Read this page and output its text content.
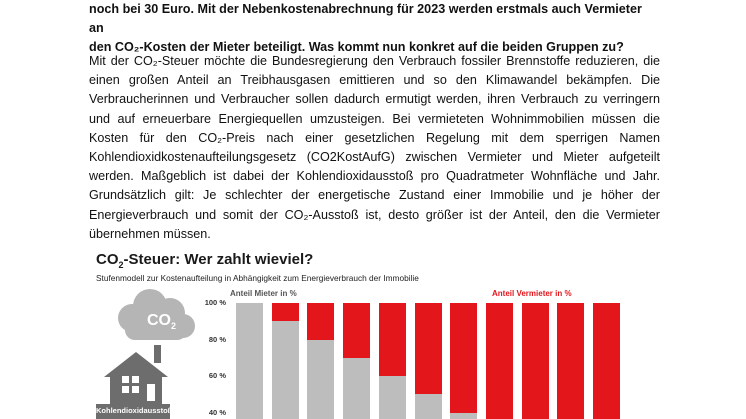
noch bei 30 Euro. Mit der Nebenkostenabrechnung für 2023 werden erstmals auch Vermieter an
den CO₂-Kosten der Mieter beteiligt. Was kommt nun konkret auf die beiden Gruppen zu?

Mit der CO₂-Steuer möchte die Bundesregierung den Verbrauch fossiler Brennstoffe reduzieren, die einen großen Anteil an Treibhausgasen emittieren und so den Klimawandel bekämpfen. Die Verbraucherinnen und Verbraucher sollen dadurch ermutigt werden, ihren Verbrauch zu verringern und auf erneuerbare Energiequellen umzusteigen. Bei vermieteten Wohnimmobilien müssen die Kosten für den CO₂-Preis nach einer gesetzlichen Regelung mit dem sperrigen Namen Kohlendioxidkostenaufteilungsgesetz (CO2KostAufG) zwischen Vermieter und Mieter aufgeteilt werden. Maßgeblich ist dabei der Kohlendioxidausstoß pro Quadratmeter Wohnfläche und Jahr. Grundsätzlich gilt: Je schlechter der energetische Zustand einer Immobilie und je höher der Energieverbrauch und somit der CO₂-Ausstoß ist, desto größer ist der Anteil, den die Vermieter übernehmen müssen.

$CO_2$-Steuer: Wer zahlt wieviel?
Stufenmodell zur Kostenaufteilung in Abhängigkeit zum Energieverbrauch der Immobilie
$CO_2$
Kohlendioxidausstoß
Anteil Mieter in %	Anteil Vermieter in %
100 %
80 %
60 %
40 %
